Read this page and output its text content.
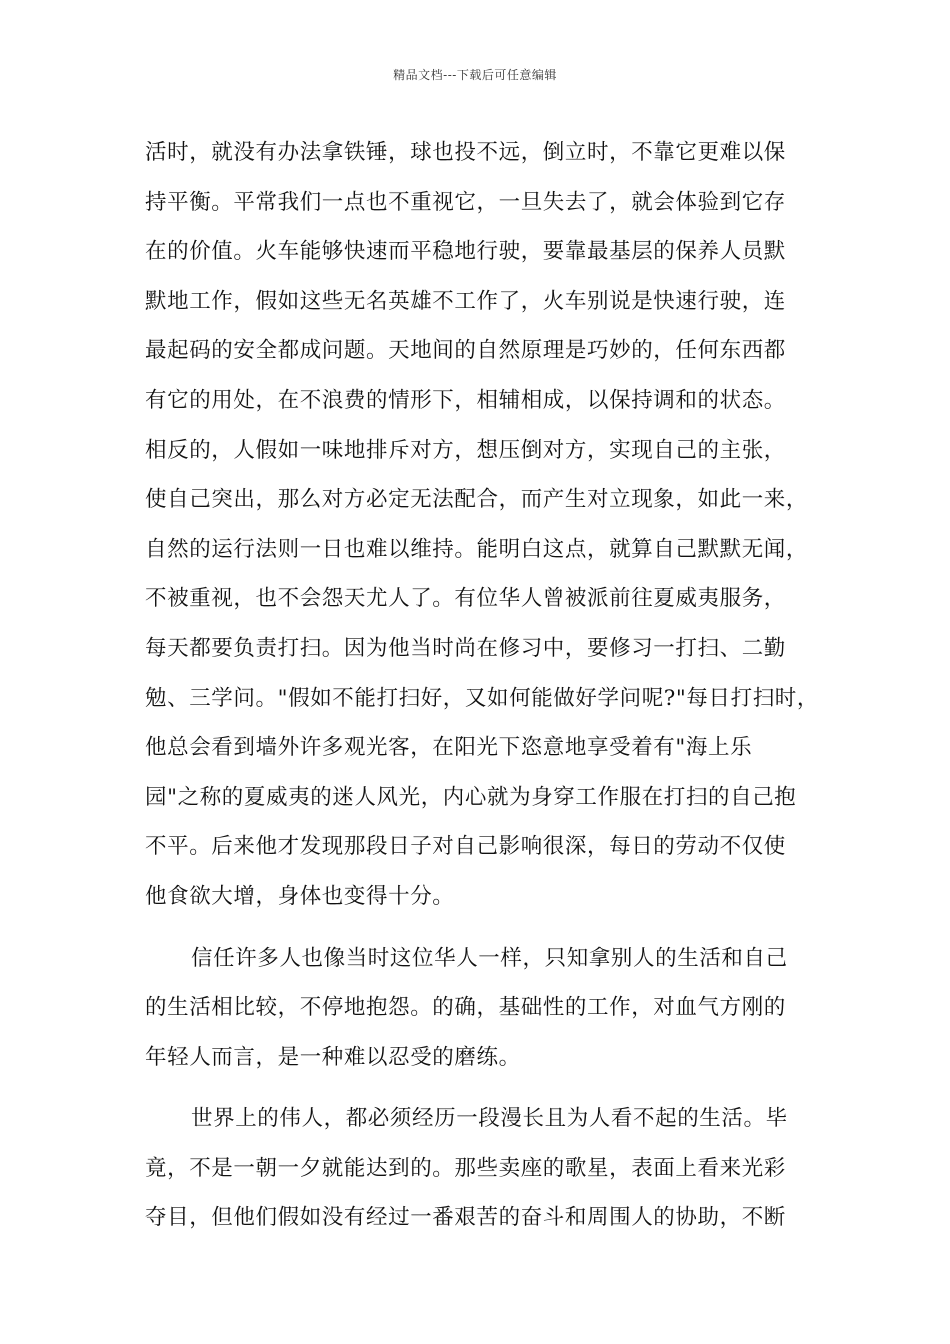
精品文档---下载后可任意编辑
活时，就没有办法拿铁锤，球也投不远，倒立时，不靠它更难以保
持平衡。平常我们一点也不重视它，一旦失去了，就会体验到它存
在的价值。火车能够快速而平稳地行驶，要靠最基层的保养人员默
默地工作，假如这些无名英雄不工作了，火车别说是快速行驶，连
最起码的安全都成问题。天地间的自然原理是巧妙的，任何东西都
有它的用处，在不浪费的情形下，相辅相成，以保持调和的状态。
相反的，人假如一味地排斥对方，想压倒对方，实现自己的主张，
使自己突出，那么对方必定无法配合，而产生对立现象，如此一来，
自然的运行法则一日也难以维持。能明白这点，就算自己默默无闻，
不被重视，也不会怨天尤人了。有位华人曾被派前往夏威夷服务，
每天都要负责打扫。因为他当时尚在修习中，要修习一打扫、二勤
勉、三学问。"假如不能打扫好，又如何能做好学问呢?"每日打扫时，
他总会看到墙外许多观光客，在阳光下恣意地享受着有"海上乐
园"之称的夏威夷的迷人风光，内心就为身穿工作服在打扫的自己抱
不平。后来他才发现那段日子对自己影响很深，每日的劳动不仅使
他食欲大增，身体也变得十分。
信任许多人也像当时这位华人一样，只知拿别人的生活和自己
的生活相比较，不停地抱怨。的确，基础性的工作，对血气方刚的
年轻人而言，是一种难以忍受的磨练。
世界上的伟人，都必须经历一段漫长且为人看不起的生活。毕
竟，不是一朝一夕就能达到的。那些卖座的歌星，表面上看来光彩
夺目，但他们假如没有经过一番艰苦的奋斗和周围人的协助，不断
